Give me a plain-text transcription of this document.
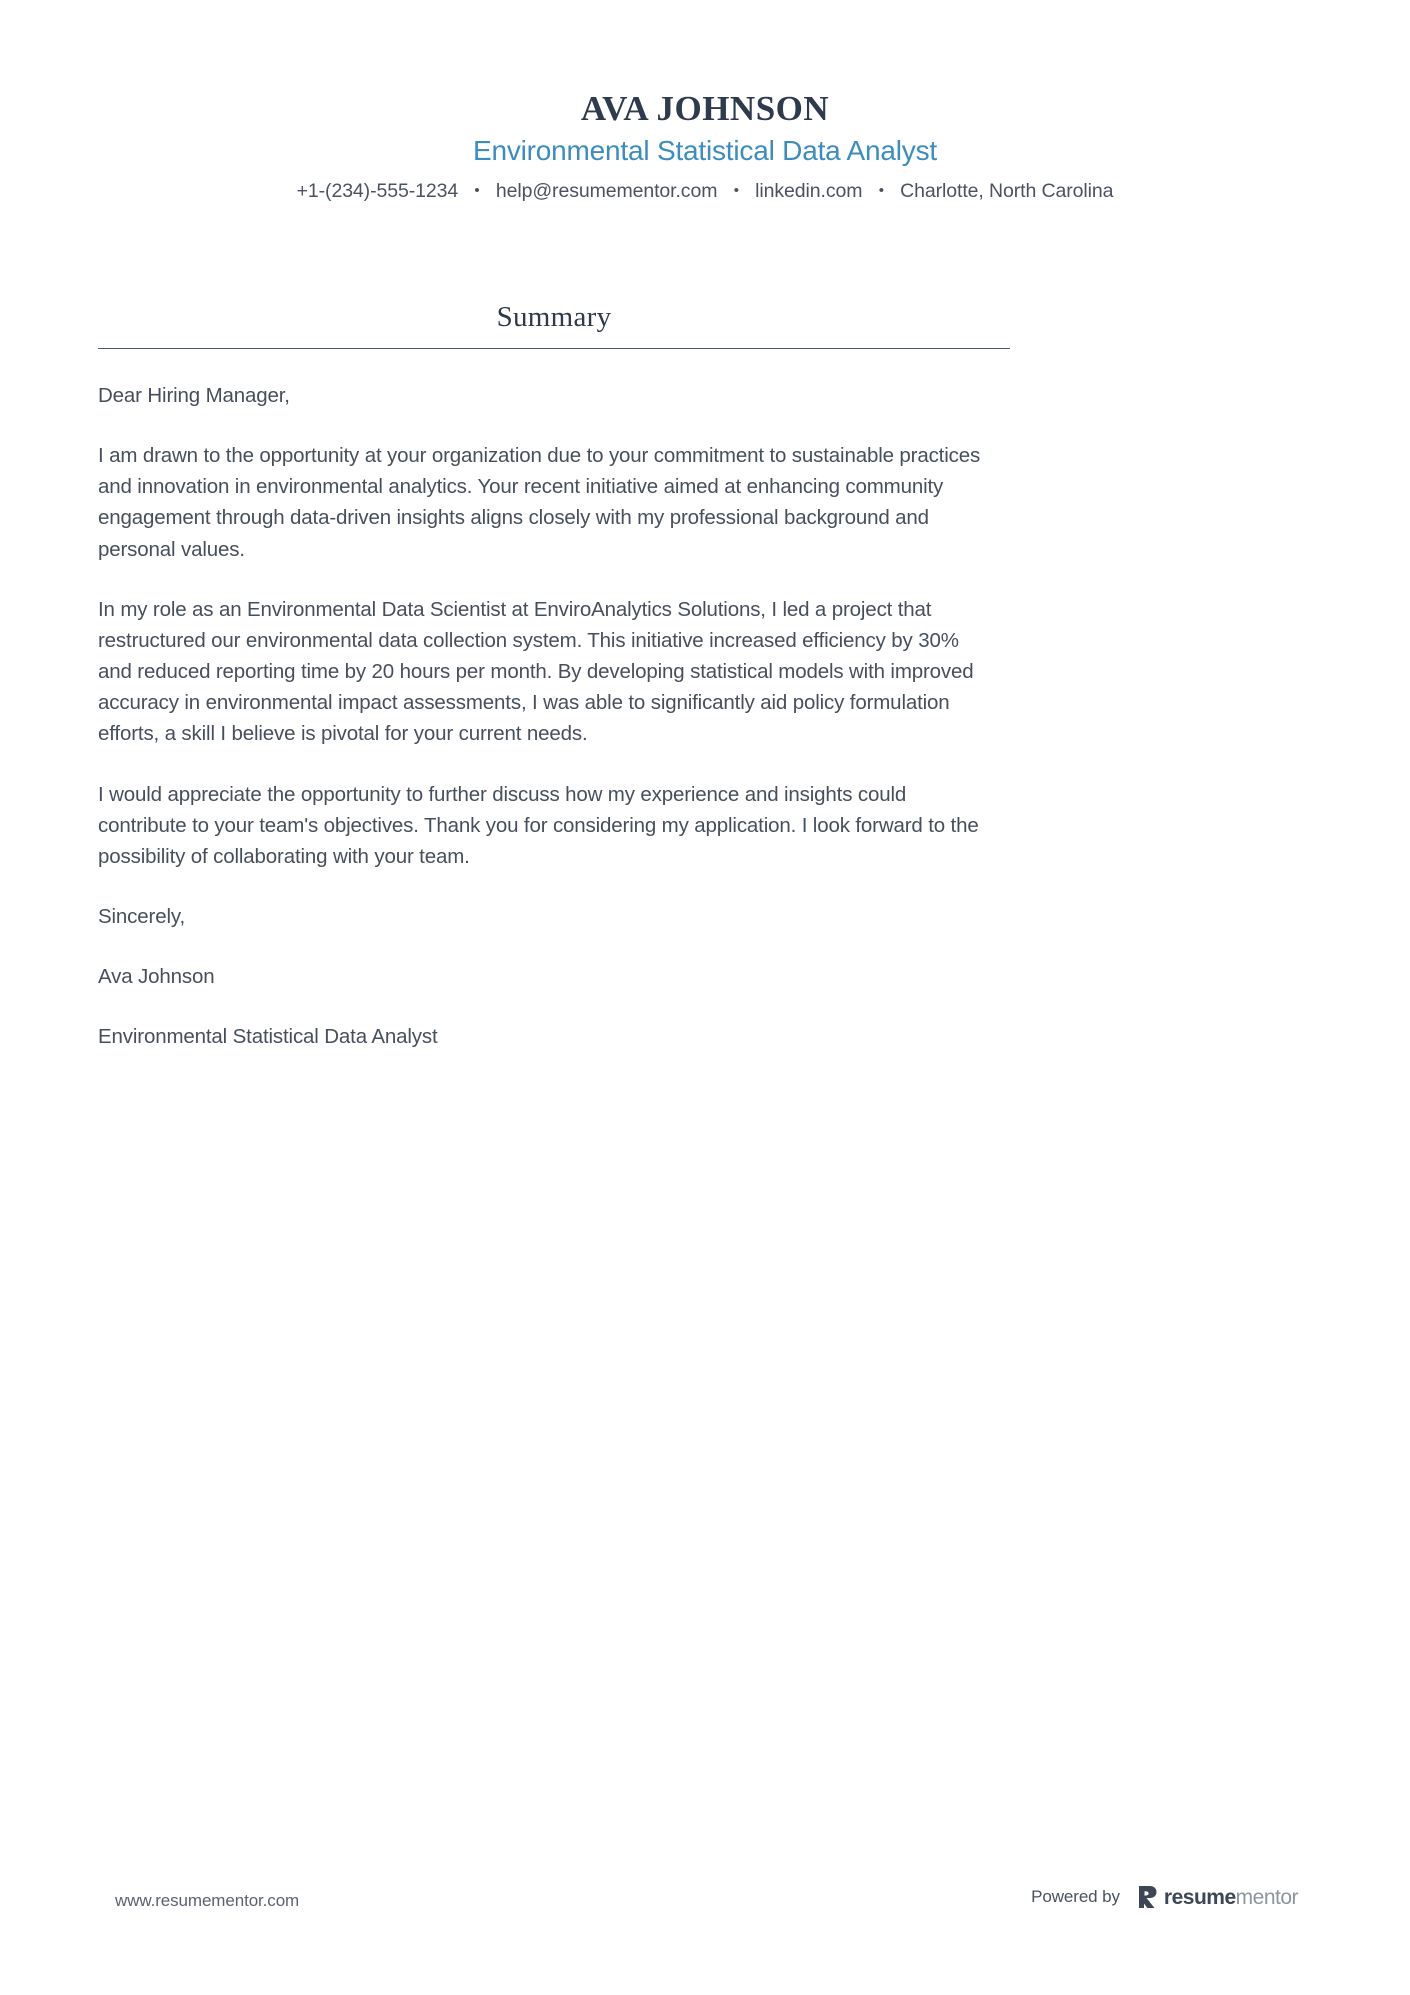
AVA JOHNSON
Environmental Statistical Data Analyst
+1-(234)-555-1234 • help@resumementor.com • linkedin.com • Charlotte, North Carolina
Summary

Dear Hiring Manager,

I am drawn to the opportunity at your organization due to your commitment to sustainable practices and innovation in environmental analytics. Your recent initiative aimed at enhancing community engagement through data-driven insights aligns closely with my professional background and personal values.

In my role as an Environmental Data Scientist at EnviroAnalytics Solutions, I led a project that restructured our environmental data collection system. This initiative increased efficiency by 30% and reduced reporting time by 20 hours per month. By developing statistical models with improved accuracy in environmental impact assessments, I was able to significantly aid policy formulation efforts, a skill I believe is pivotal for your current needs.

I would appreciate the opportunity to further discuss how my experience and insights could contribute to your team's objectives. Thank you for considering my application. I look forward to the possibility of collaborating with your team.

Sincerely,

Ava Johnson

Environmental Statistical Data Analyst

www.resumementor.com	Powered by resumementor
